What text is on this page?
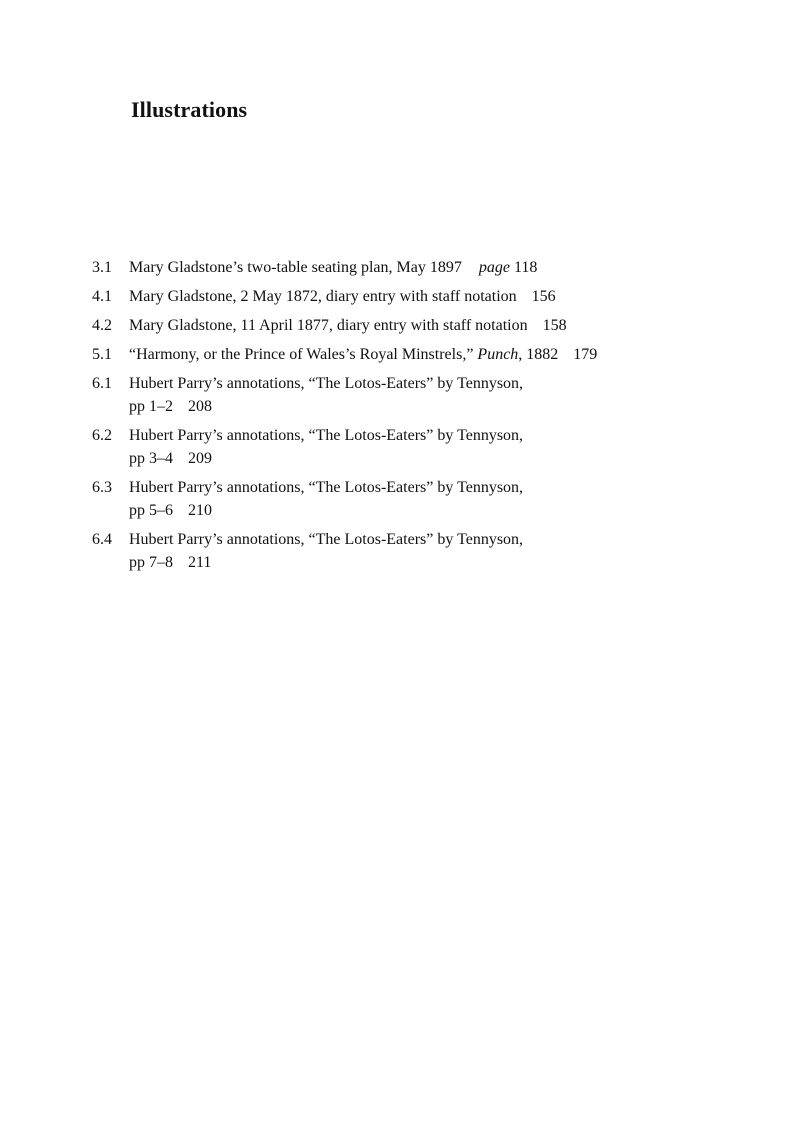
Illustrations
3.1	Mary Gladstone’s two-table seating plan, May 1897 page 118
4.1	Mary Gladstone, 2 May 1872, diary entry with staff notation 156
4.2	Mary Gladstone, 11 April 1877, diary entry with staff notation 158
5.1	“Harmony, or the Prince of Wales’s Royal Minstrels,” Punch, 1882 179
6.1	Hubert Parry’s annotations, “The Lotos-Eaters” by Tennyson,
pp 1–2 208
6.2	Hubert Parry’s annotations, “The Lotos-Eaters” by Tennyson,
pp 3–4 209
6.3	Hubert Parry’s annotations, “The Lotos-Eaters” by Tennyson,
pp 5–6 210
6.4	Hubert Parry’s annotations, “The Lotos-Eaters” by Tennyson,
pp 7–8 211
